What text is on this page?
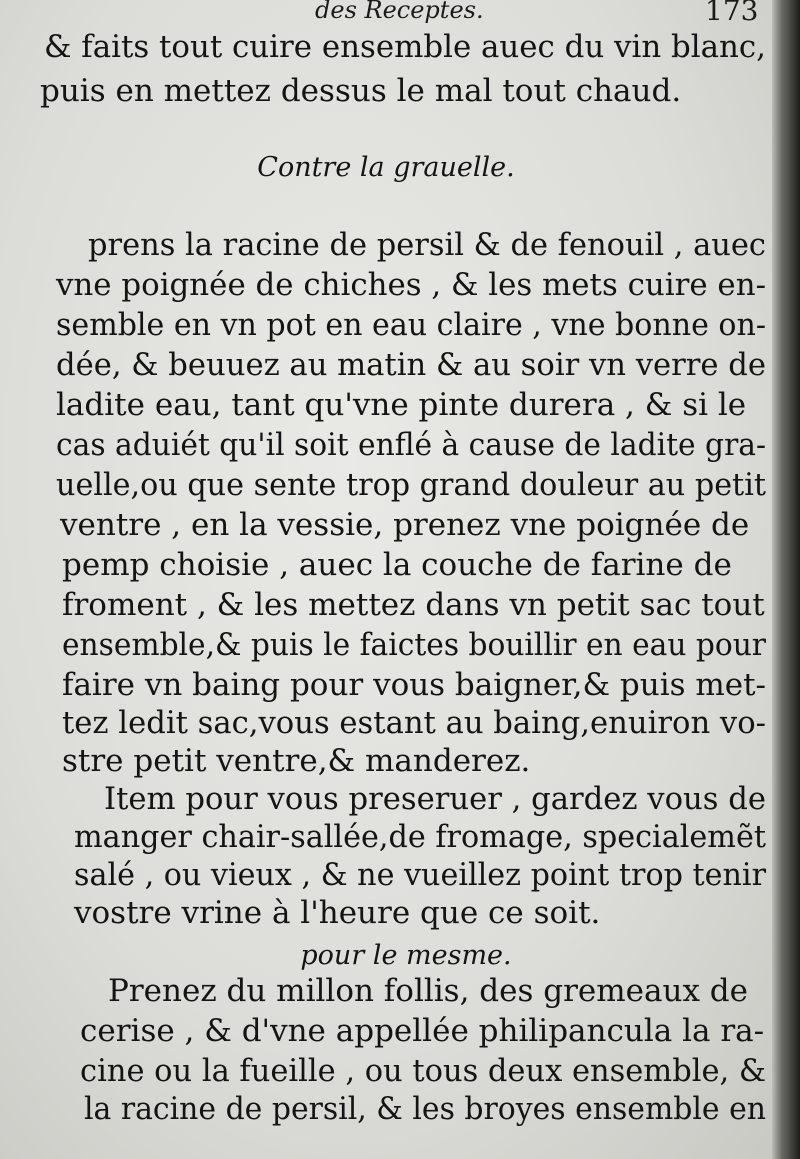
des Receptes.	173
& faits tout cuire ensemble auec du vin blanc,
puis en mettez dessus le mal tout chaud.
Contre la grauelle.
prens la racine de persil & de fenouil , auec
vne poignée de chiches , & les mets cuire en-
semble en vn pot en eau claire , vne bonne on-
dée, & beuuez au matin & au soir vn verre de
ladite eau, tant qu'vne pinte durera , & si le
cas aduiét qu'il soit enflé à cause de ladite gra-
uelle,ou que sente trop grand douleur au petit
ventre , en la vessie, prenez vne poignée de
pemp choisie , auec la couche de farine de
froment , & les mettez dans vn petit sac tout
ensemble,& puis le faictes bouillir en eau pour
faire vn baing pour vous baigner,& puis met-
tez ledit sac,vous estant au baing,enuiron vo-
stre petit ventre,& manderez.
Item pour vous preseruer , gardez vous de
manger chair-sallée,de fromage, specialemẽt
salé , ou vieux , & ne vueillez point trop tenir
vostre vrine à l'heure que ce soit.
pour le mesme.
Prenez du millon follis, des gremeaux de
cerise , & d'vne appellée philipancula la ra-
cine ou la fueille , ou tous deux ensemble, &
la racine de persil, & les broyes ensemble en
